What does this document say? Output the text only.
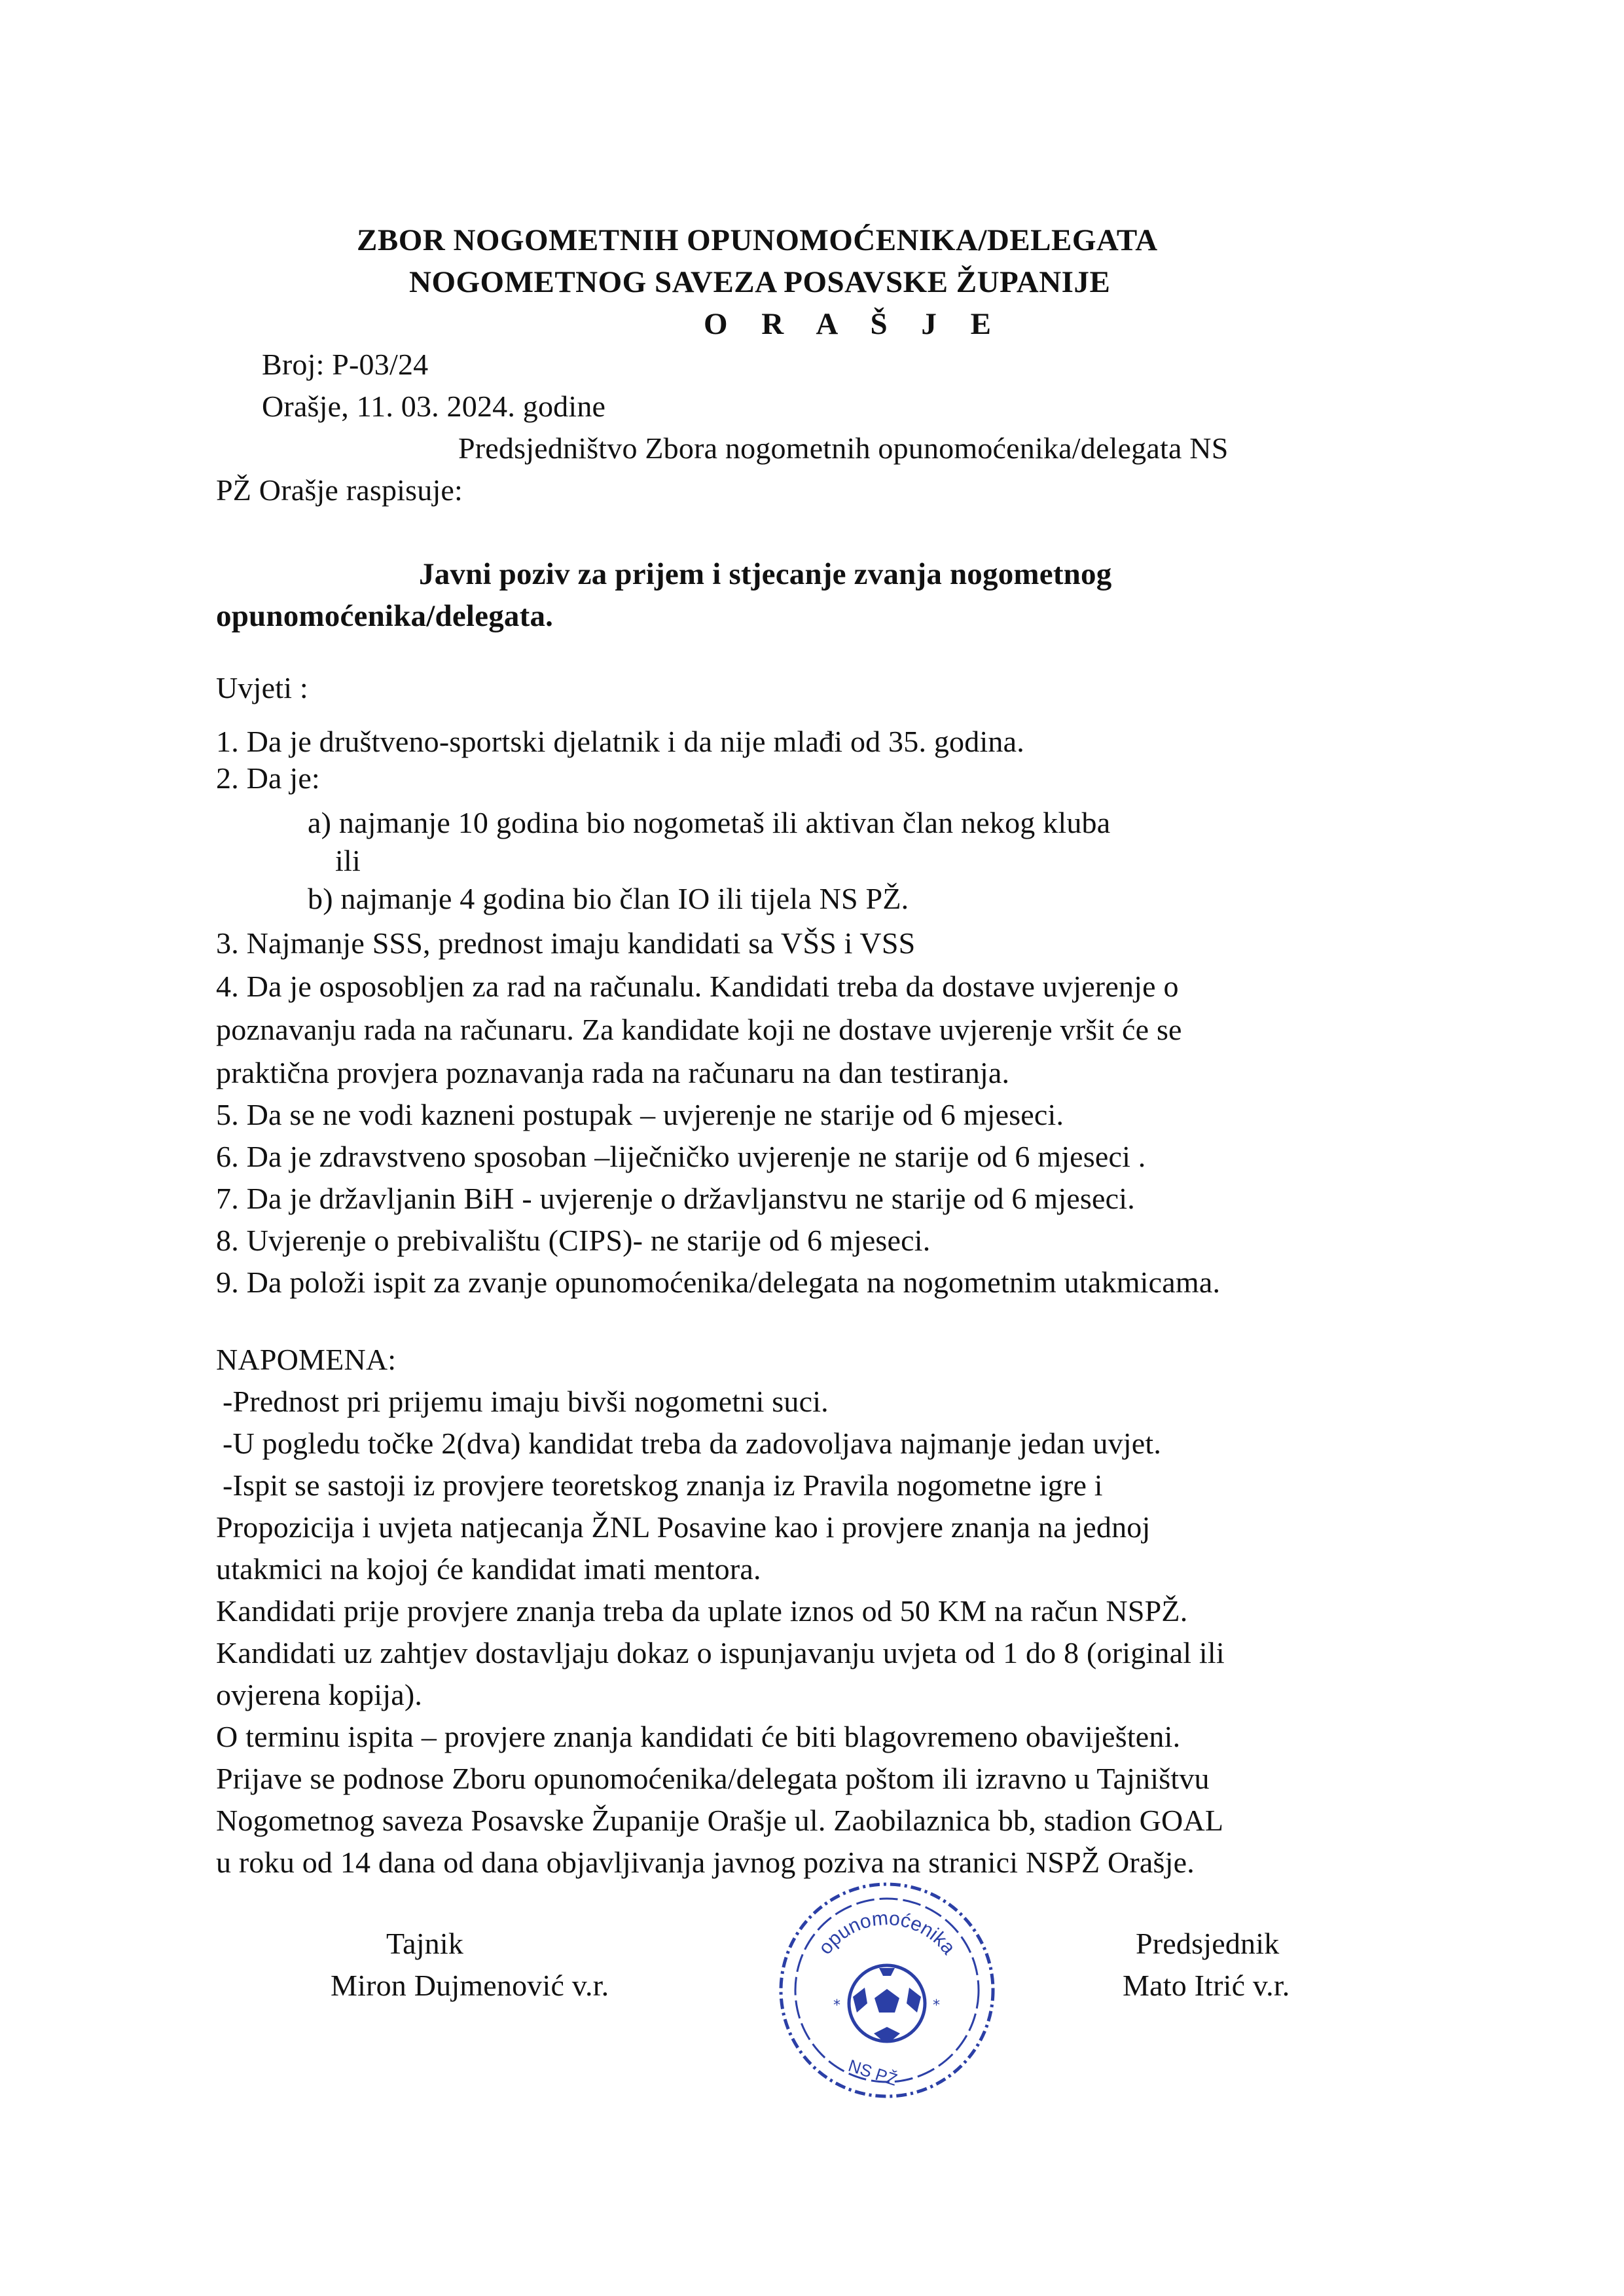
ZBOR NOGOMETNIH OPUNOMOĆENIKA/DELEGATA
NOGOMETNOG SAVEZA POSAVSKE ŽUPANIJE
O R A Š J E
Broj: P-03/24
Orašje, 11. 03. 2024. godine
Predsjedništvo Zbora nogometnih opunomoćenika/delegata NS
PŽ Orašje raspisuje:
Javni poziv za prijem i stjecanje zvanja nogometnog
opunomoćenika/delegata.
Uvjeti :
1. Da je društveno-sportski djelatnik i da nije mlađi od 35. godina.
2. Da je:
a) najmanje 10 godina bio nogometaš ili aktivan član nekog kluba
ili
b) najmanje 4 godina bio član IO ili tijela NS PŽ.
3. Najmanje SSS, prednost imaju kandidati sa VŠS i VSS
4. Da je osposobljen za rad na računalu. Kandidati treba da dostave uvjerenje o
poznavanju rada na računaru. Za kandidate koji ne dostave uvjerenje vršit će se
praktična provjera poznavanja rada na računaru na dan testiranja.
5. Da se ne vodi kazneni postupak – uvjerenje ne starije od 6 mjeseci.
6. Da je zdravstveno sposoban –liječničko uvjerenje ne starije od 6 mjeseci .
7. Da je državljanin BiH - uvjerenje o državljanstvu ne starije od 6 mjeseci.
8. Uvjerenje o prebivalištu (CIPS)- ne starije od 6 mjeseci.
9. Da položi ispit za zvanje opunomoćenika/delegata na nogometnim utakmicama.
NAPOMENA:
-Prednost pri prijemu imaju bivši nogometni suci.
-U pogledu točke 2(dva) kandidat treba da zadovoljava najmanje jedan uvjet.
-Ispit se sastoji iz provjere teoretskog znanja iz Pravila nogometne igre i
Propozicija i uvjeta natjecanja ŽNL Posavine kao i provjere znanja na jednoj
utakmici na kojoj će kandidat imati mentora.
Kandidati prije provjere znanja treba da uplate iznos od 50 KM na račun NSPŽ.
Kandidati uz zahtjev dostavljaju dokaz o ispunjavanju uvjeta od 1 do 8 (original ili
ovjerena kopija).
O terminu ispita – provjere znanja kandidati će biti blagovremeno obaviješteni.
Prijave se podnose Zboru opunomoćenika/delegata poštom ili izravno u Tajništvu
Nogometnog saveza Posavske Županije Orašje ul. Zaobilaznica bb, stadion GOAL
u roku od 14 dana od dana objavljivanja javnog poziva na stranici NSPŽ Orašje.
Tajnik
Miron Dujmenović v.r.
Predsjednik
Mato Itrić v.r.
opunomoćenika
*	*
NS PŽ
